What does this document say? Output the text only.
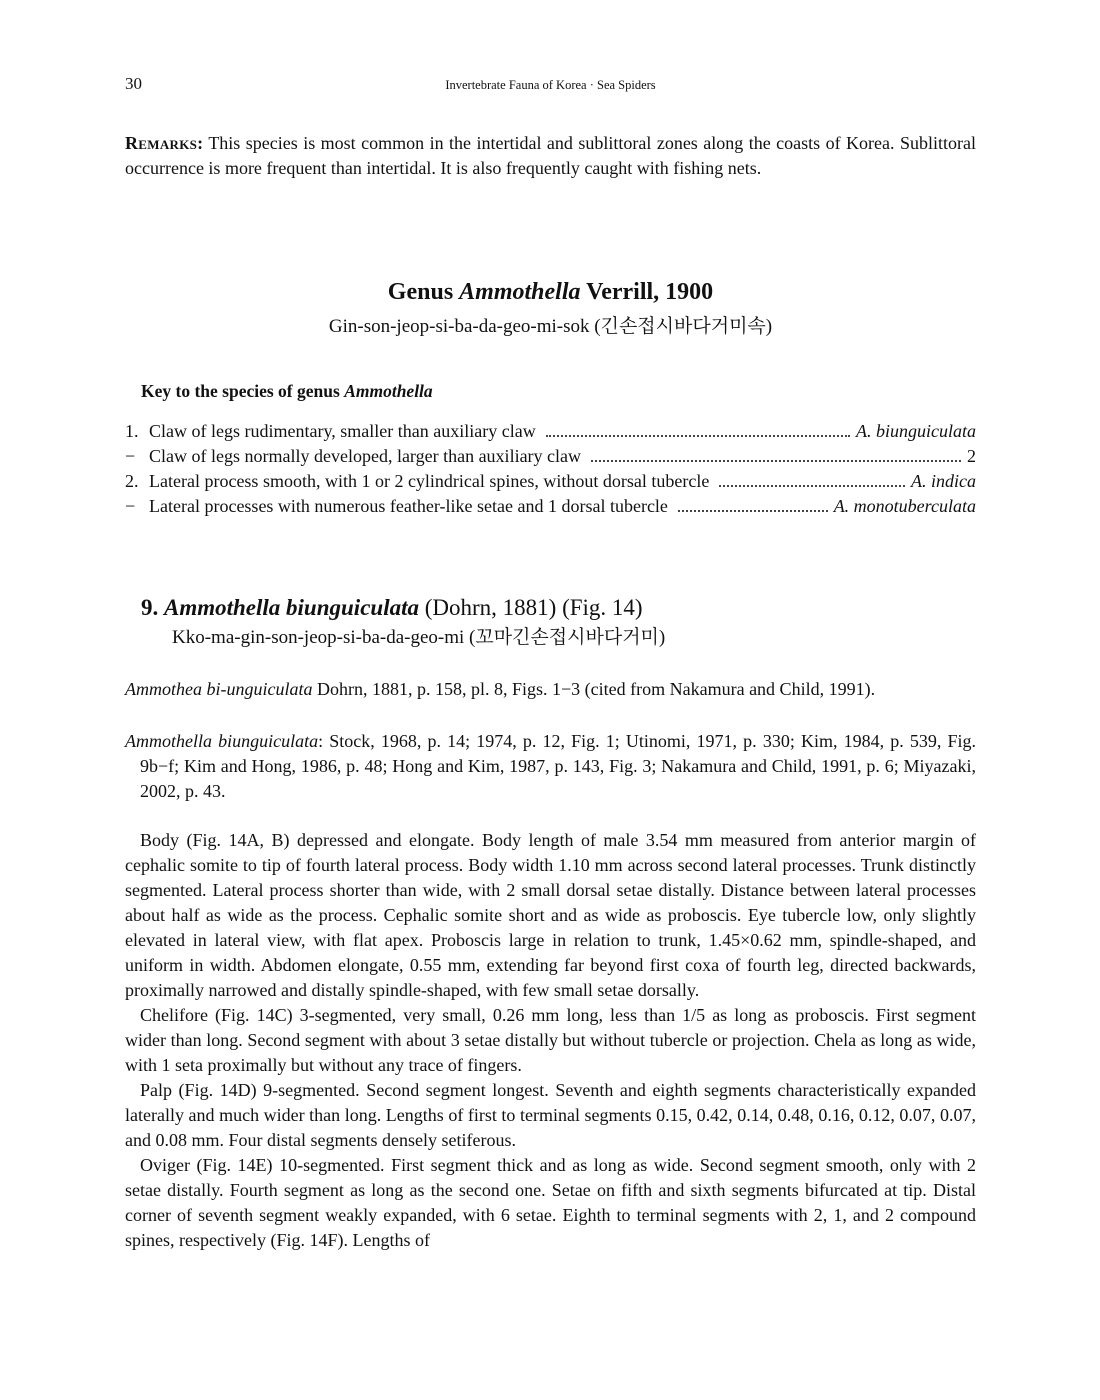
30	Invertebrate Fauna of Korea · Sea Spiders

Remarks: This species is most common in the intertidal and sublittoral zones along the coasts of Korea. Sublittoral occurrence is more frequent than intertidal. It is also frequently caught with fishing nets.

Genus Ammothella Verrill, 1900
Gin-son-jeop-si-ba-da-geo-mi-sok (긴손접시바다거미속)
Key to the species of genus Ammothella
1. Claw of legs rudimentary, smaller than auxiliary claw	A. biunguiculata
− Claw of legs normally developed, larger than auxiliary claw	2
2. Lateral process smooth, with 1 or 2 cylindrical spines, without dorsal tubercle	A. indica
− Lateral processes with numerous feather-like setae and 1 dorsal tubercle	A. monotuberculata
9. Ammothella biunguiculata (Dohrn, 1881) (Fig. 14)
Kko-ma-gin-son-jeop-si-ba-da-geo-mi (꼬마긴손접시바다거미)

Ammothea bi-unguiculata Dohrn, 1881, p. 158, pl. 8, Figs. 1−3 (cited from Nakamura and Child, 1991).

Ammothella biunguiculata: Stock, 1968, p. 14; 1974, p. 12, Fig. 1; Utinomi, 1971, p. 330; Kim, 1984, p. 539, Fig. 9b−f; Kim and Hong, 1986, p. 48; Hong and Kim, 1987, p. 143, Fig. 3; Nakamura and Child, 1991, p. 6; Miyazaki, 2002, p. 43.

Body (Fig. 14A, B) depressed and elongate. Body length of male 3.54 mm measured from anterior margin of cephalic somite to tip of fourth lateral process. Body width 1.10 mm across second lateral processes. Trunk distinctly segmented. Lateral process shorter than wide, with 2 small dorsal setae distally. Distance between lateral processes about half as wide as the process. Cephalic somite short and as wide as proboscis. Eye tubercle low, only slightly elevated in lateral view, with flat apex. Proboscis large in relation to trunk, 1.45×0.62 mm, spindle-shaped, and uniform in width. Abdomen elongate, 0.55 mm, extending far beyond first coxa of fourth leg, directed backwards, proximally narrowed and distally spindle-shaped, with few small setae dorsally.

Chelifore (Fig. 14C) 3-segmented, very small, 0.26 mm long, less than 1/5 as long as proboscis. First segment wider than long. Second segment with about 3 setae distally but without tubercle or projection. Chela as long as wide, with 1 seta proximally but without any trace of fingers.

Palp (Fig. 14D) 9-segmented. Second segment longest. Seventh and eighth segments characteristically expanded laterally and much wider than long. Lengths of first to terminal segments 0.15, 0.42, 0.14, 0.48, 0.16, 0.12, 0.07, 0.07, and 0.08 mm. Four distal segments densely setiferous.

Oviger (Fig. 14E) 10-segmented. First segment thick and as long as wide. Second segment smooth, only with 2 setae distally. Fourth segment as long as the second one. Setae on fifth and sixth segments bifurcated at tip. Distal corner of seventh segment weakly expanded, with 6 setae. Eighth to terminal segments with 2, 1, and 2 compound spines, respectively (Fig. 14F). Lengths of
